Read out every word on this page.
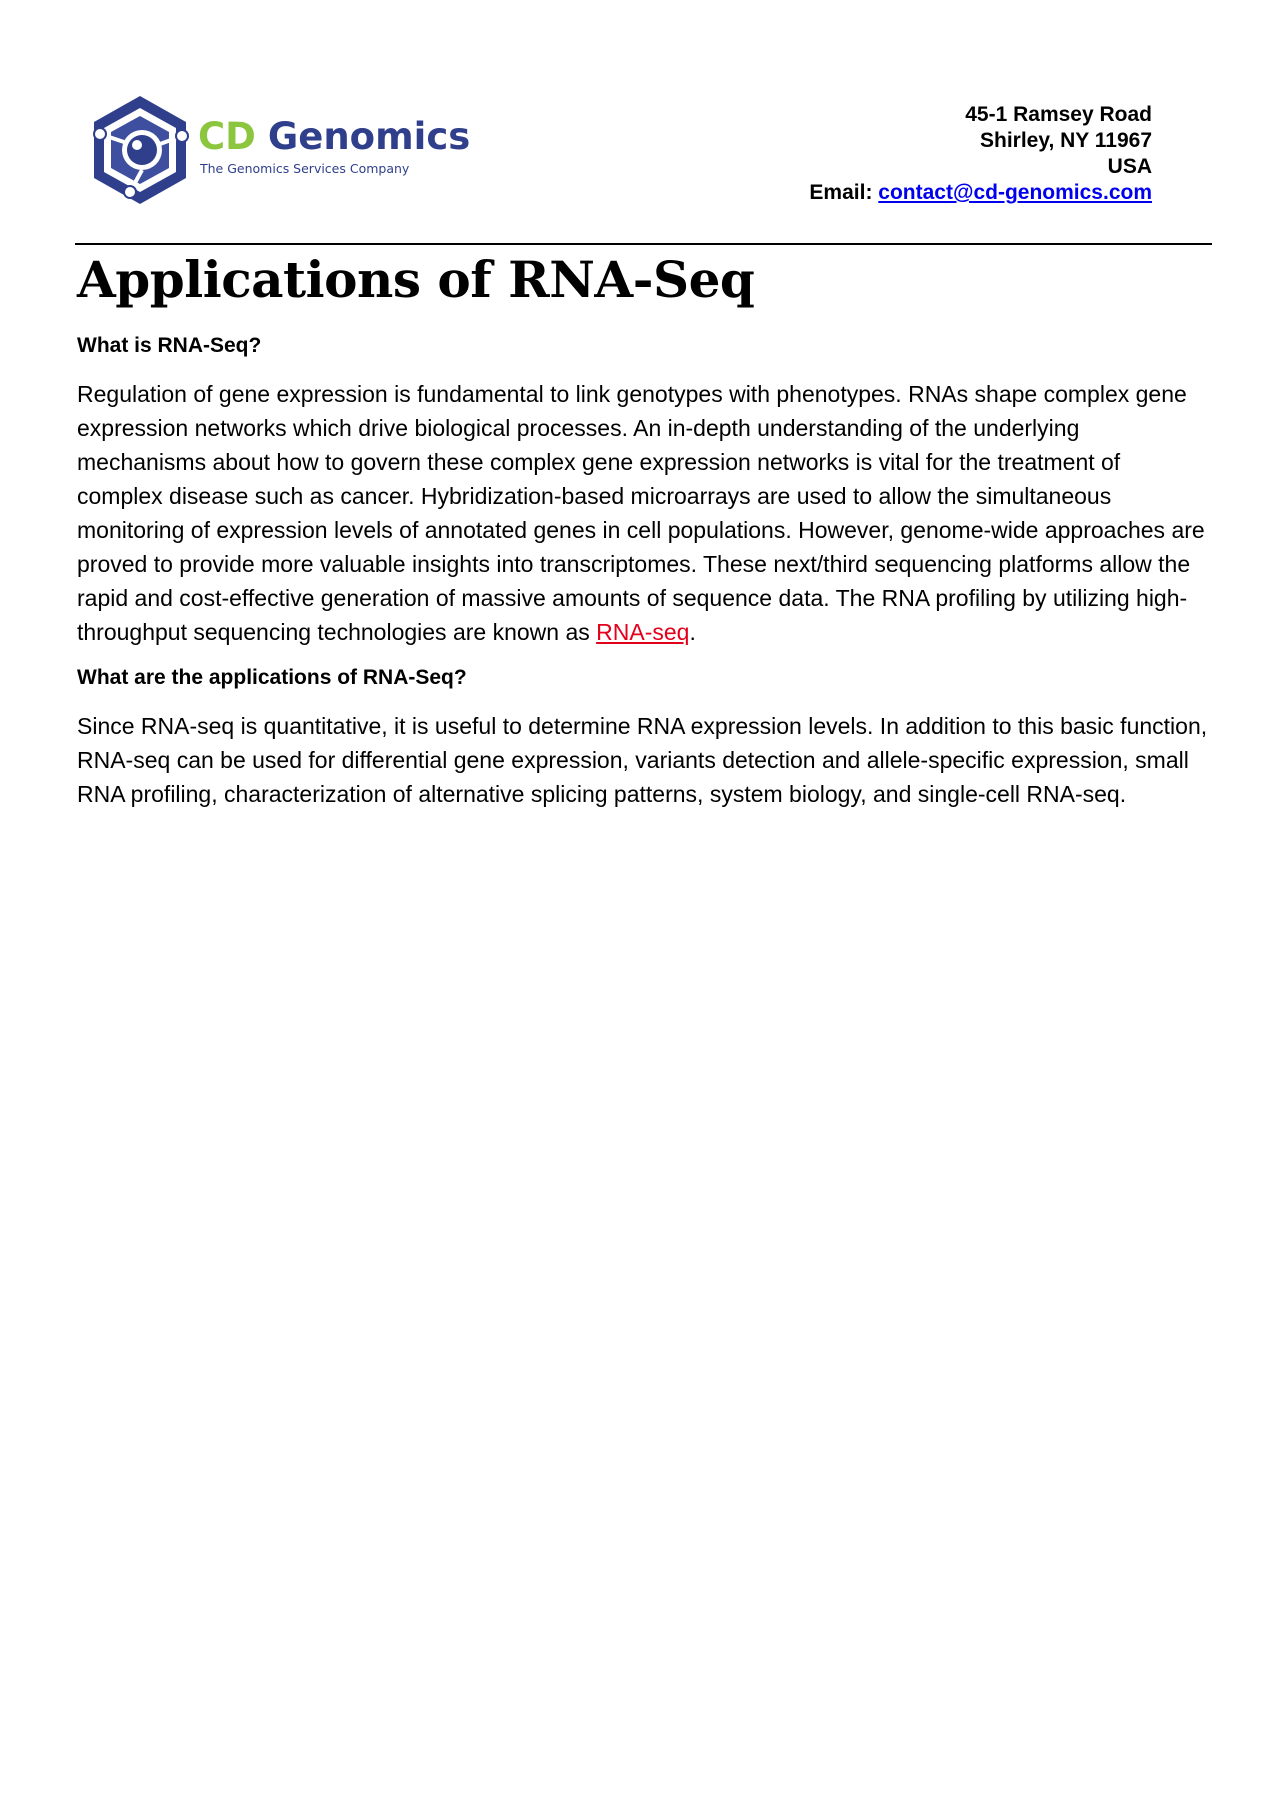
CD Genomics
The Genomics Services Company
45-1 Ramsey Road
Shirley, NY 11967
USA
Email: contact@cd-genomics.com
Applications of RNA-Seq
What is RNA-Seq?

Regulation of gene expression is fundamental to link genotypes with phenotypes. RNAs shape complex gene expression networks which drive biological processes. An in-depth understanding of the underlying mechanisms about how to govern these complex gene expression networks is vital for the treatment of complex disease such as cancer. Hybridization-based microarrays are used to allow the simultaneous monitoring of expression levels of annotated genes in cell populations. However, genome-wide approaches are proved to provide more valuable insights into transcriptomes. These next/third sequencing platforms allow the rapid and cost-effective generation of massive amounts of sequence data. The RNA profiling by utilizing high-throughput sequencing technologies are known as RNA-seq.

What are the applications of RNA-Seq?

Since RNA-seq is quantitative, it is useful to determine RNA expression levels. In addition to this basic function, RNA-seq can be used for differential gene expression, variants detection and allele-specific expression, small RNA profiling, characterization of alternative splicing patterns, system biology, and single-cell RNA-seq.
